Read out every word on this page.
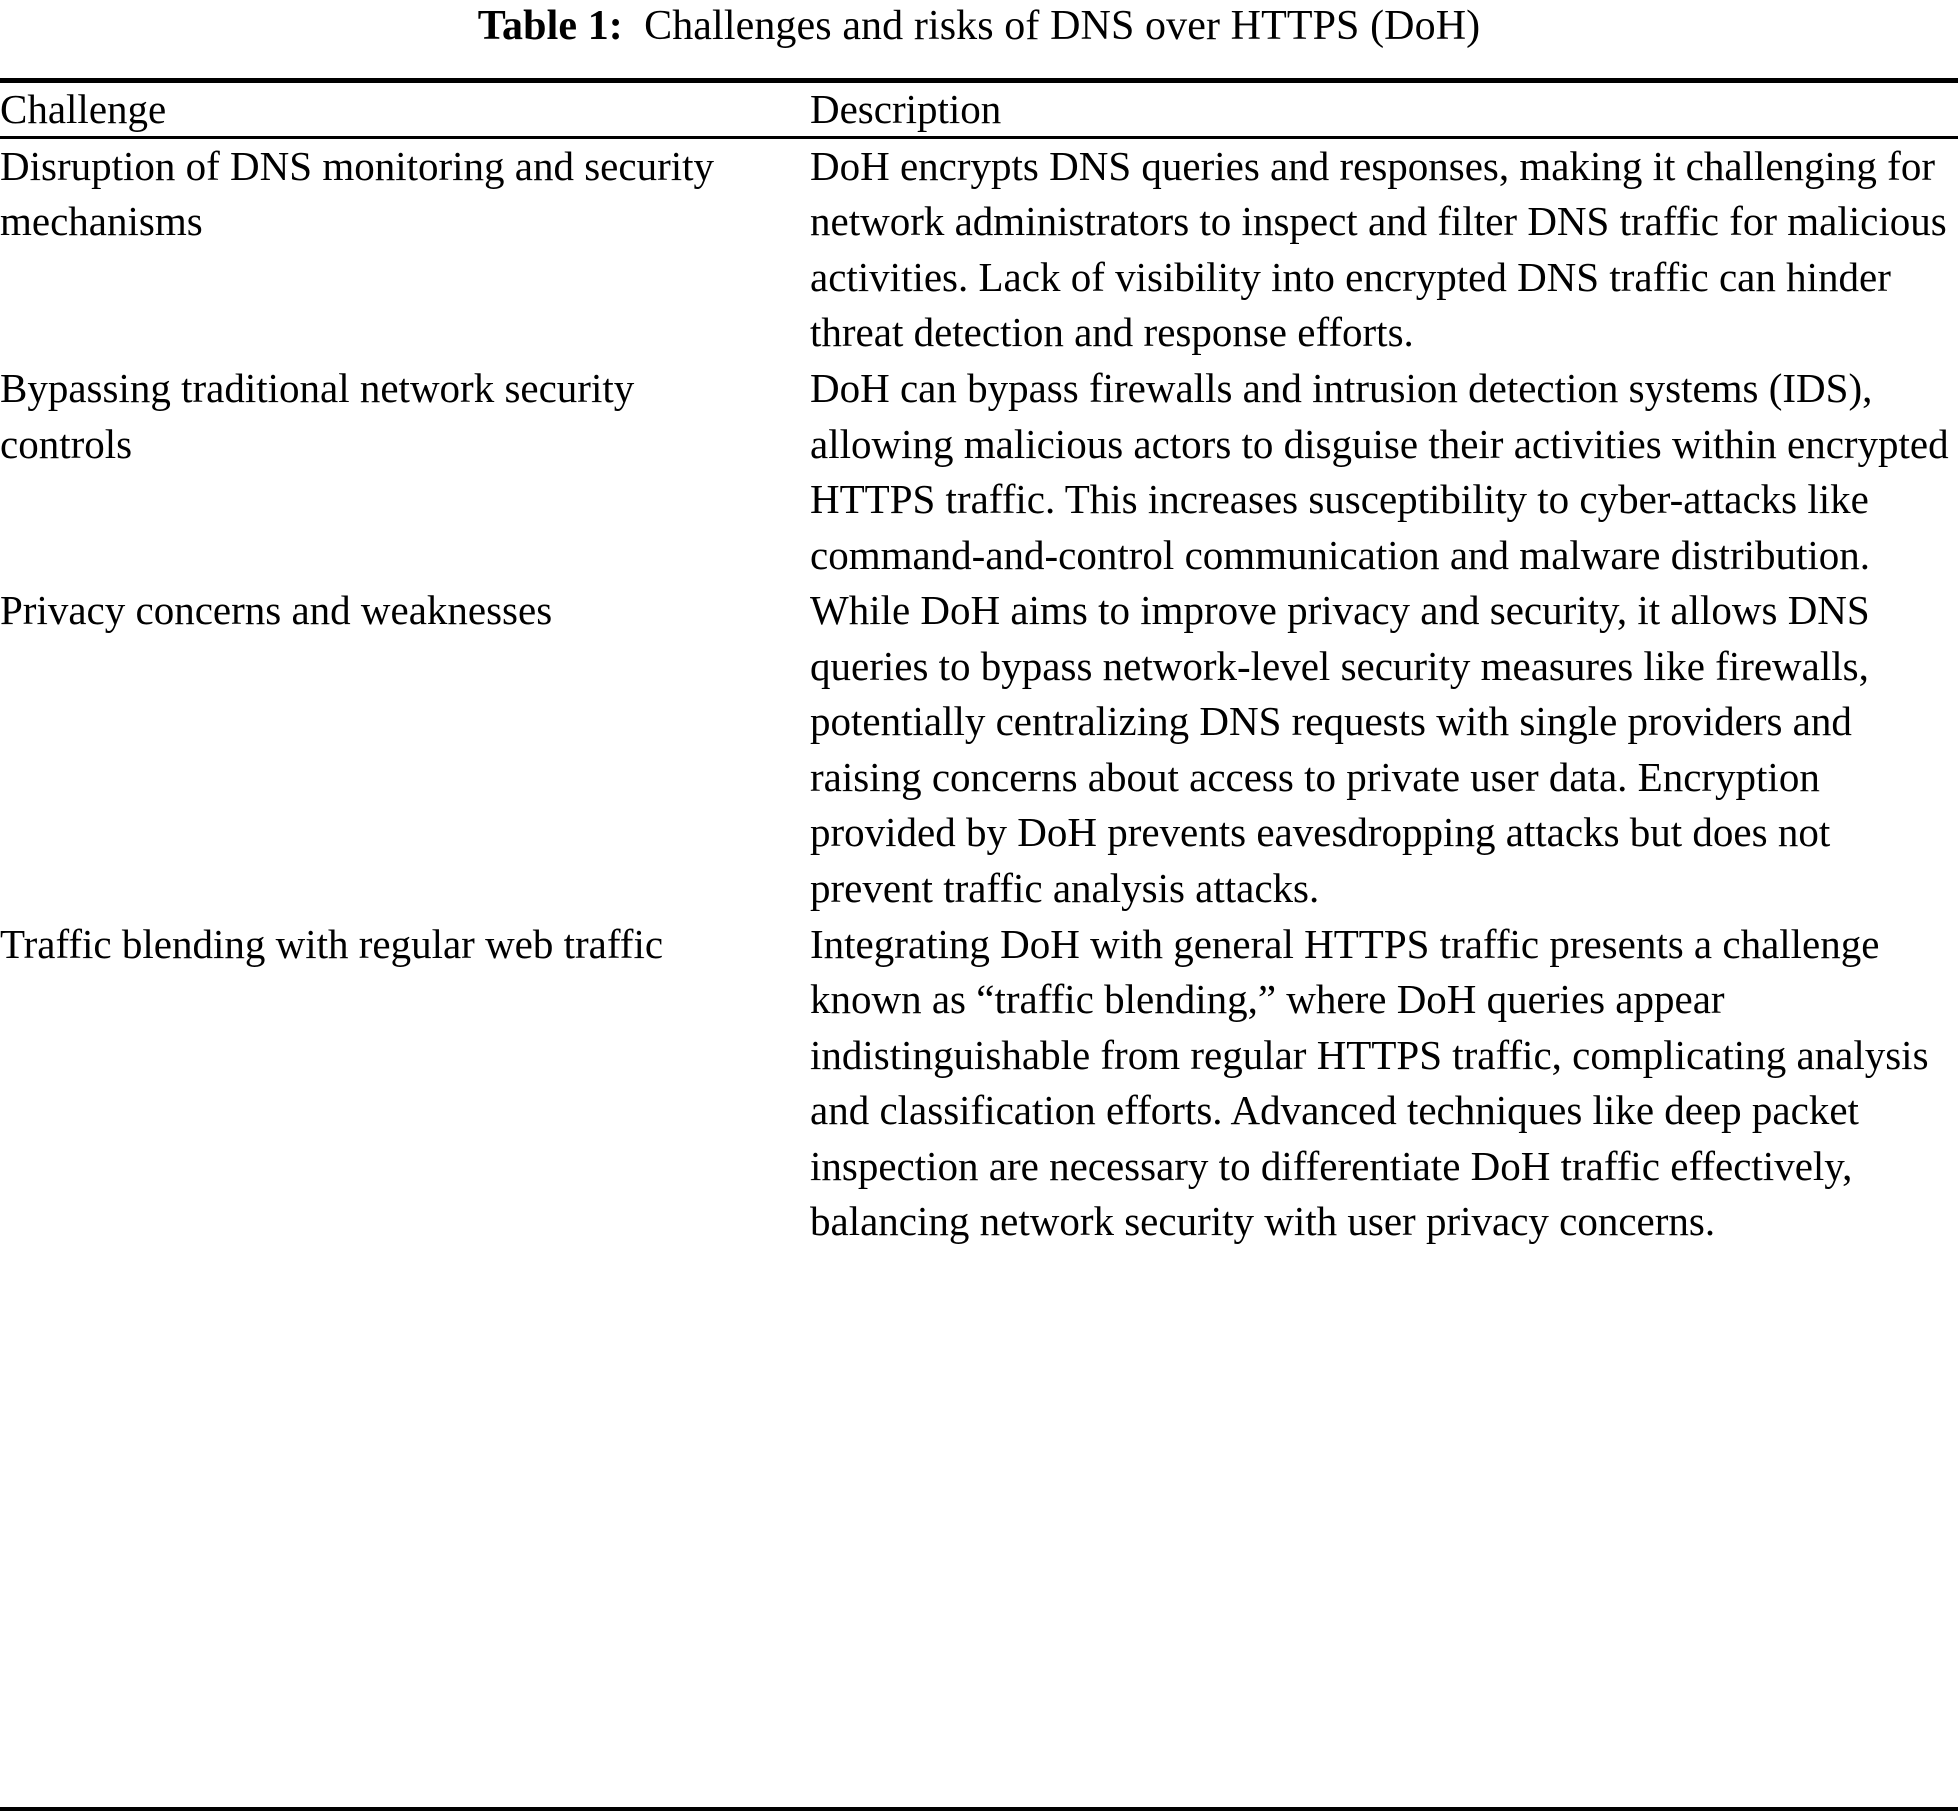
Table 1: Challenges and risks of DNS over HTTPS (DoH)
Challenge	Description
Disruption of DNS monitoring and security mechanisms	DoH encrypts DNS queries and responses, making it challenging for network administrators to inspect and filter DNS traffic for malicious activities. Lack of visibility into encrypted DNS traffic can hinder threat detection and response efforts.

Bypassing traditional network security controls	DoH can bypass firewalls and intrusion detection systems (IDS), allowing malicious actors to disguise their activities within encrypted HTTPS traffic. This increases susceptibility to cyber-attacks like command-and-control communication and malware distribution.

Privacy concerns and weaknesses	While DoH aims to improve privacy and security, it allows DNS queries to bypass network-level security measures like firewalls, potentially centralizing DNS requests with single providers and raising concerns about access to private user data. Encryption provided by DoH prevents eavesdropping attacks but does not prevent traffic analysis attacks.

Traffic blending with regular web traffic	Integrating DoH with general HTTPS traffic presents a challenge known as “traffic blending,” where DoH queries appear indistinguishable from regular HTTPS traffic, complicating analysis and classification efforts. Advanced techniques like deep packet inspection are necessary to differentiate DoH traffic effectively, balancing network security with user privacy concerns.
